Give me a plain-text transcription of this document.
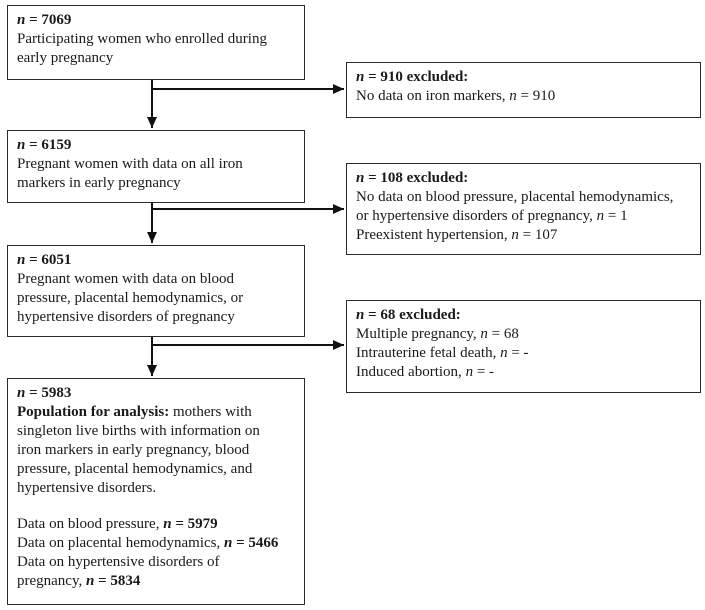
n = 7069
Participating women who enrolled during
early pregnancy
n = 910 excluded:
No data on iron markers, n = 910
n = 6159
Pregnant women with data on all iron
markers in early pregnancy	n = 108 excluded:
No data on blood pressure, placental hemodynamics,
or hypertensive disorders of pregnancy, n = 1
Preexistent hypertension, n = 107
n = 6051
Pregnant women with data on blood
pressure, placental hemodynamics, or
hypertensive disorders of pregnancy	n = 68 excluded:
Multiple pregnancy, n = 68
Intrauterine fetal death, n = -
Induced abortion, n = -
n = 5983
Population for analysis: mothers with
singleton live births with information on
iron markers in early pregnancy, blood
pressure, placental hemodynamics, and
hypertensive disorders.
Data on blood pressure, n = 5979
Data on placental hemodynamics, n = 5466
Data on hypertensive disorders of
pregnancy, n = 5834
